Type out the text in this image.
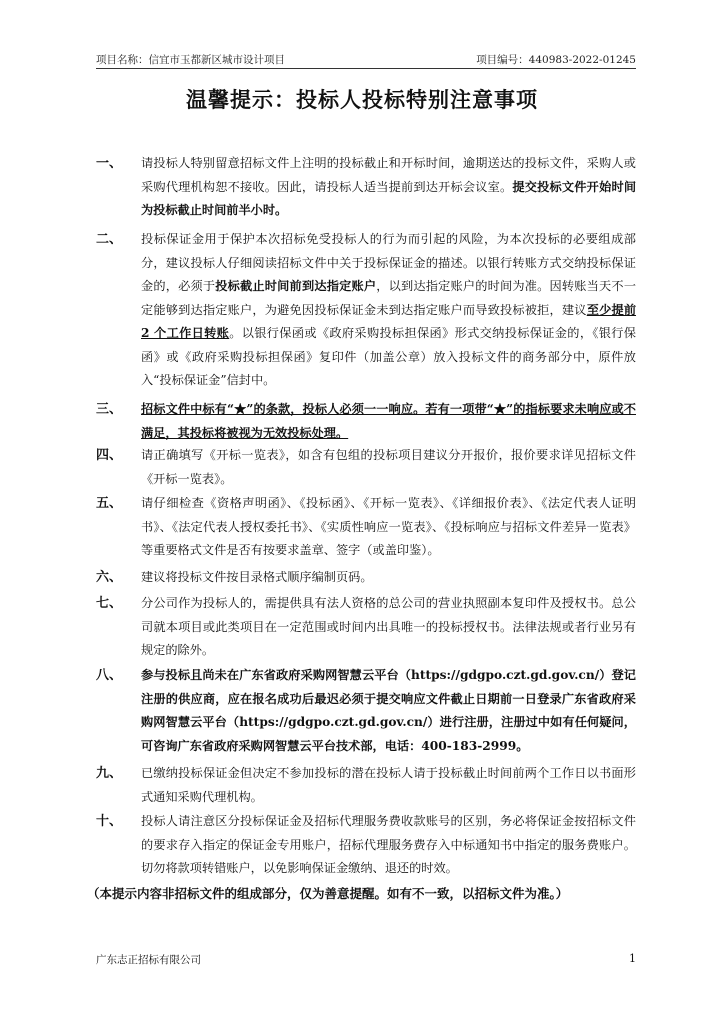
项目名称：信宜市玉都新区城市设计项目	项目编号：440983-2022-01245
温馨提示：投标人投标特别注意事项
一、 请投标人特别留意招标文件上注明的投标截止和开标时间，逾期送达的投标文件，采购人或采购代理机构恕不接收。因此，请投标人适当提前到达开标会议室。提交投标文件开始时间为投标截止时间前半小时。
二、 投标保证金用于保护本次招标免受投标人的行为而引起的风险，为本次投标的必要组成部分，建议投标人仔细阅读招标文件中关于投标保证金的描述。以银行转账方式交纳投标保证金的，必须于投标截止时间前到达指定账户，以到达指定账户的时间为准。因转账当天不一定能够到达指定账户，为避免因投标保证金未到达指定账户而导致投标被拒，建议至少提前 2 个工作日转账。以银行保函或《政府采购投标担保函》形式交纳投标保证金的，《银行保函》或《政府采购投标担保函》复印件（加盖公章）放入投标文件的商务部分中，原件放入“投标保证金”信封中。
三、 招标文件中标有“★”的条款，投标人必须一一响应。若有一项带“★”的指标要求未响应或不满足，其投标将被视为无效投标处理。
四、 请正确填写《开标一览表》，如含有包组的投标项目建议分开报价，报价要求详见招标文件《开标一览表》。
五、 请仔细检查《资格声明函》、《投标函》、《开标一览表》、《详细报价表》、《法定代表人证明书》、《法定代表人授权委托书》、《实质性响应一览表》、《投标响应与招标文件差异一览表》等重要格式文件是否有按要求盖章、签字（或盖印鉴）。
六、 建议将投标文件按目录格式顺序编制页码。
七、 分公司作为投标人的，需提供具有法人资格的总公司的营业执照副本复印件及授权书。总公司就本项目或此类项目在一定范围或时间内出具唯一的投标授权书。法律法规或者行业另有规定的除外。
八、 参与投标且尚未在广东省政府采购网智慧云平台（https://gdgpo.czt.gd.gov.cn/）登记注册的供应商，应在报名成功后最迟必须于提交响应文件截止日期前一日登录广东省政府采购网智慧云平台（https://gdgpo.czt.gd.gov.cn/）进行注册，注册过中如有任何疑问，可咨询广东省政府采购网智慧云平台技术部，电话：400-183-2999。
九、 已缴纳投标保证金但决定不参加投标的潜在投标人请于投标截止时间前两个工作日以书面形式通知采购代理机构。
十、 投标人请注意区分投标保证金及招标代理服务费收款账号的区别，务必将保证金按招标文件的要求存入指定的保证金专用账户，招标代理服务费存入中标通知书中指定的服务费账户。切勿将款项转错账户，以免影响保证金缴纳、退还的时效。
（本提示内容非招标文件的组成部分，仅为善意提醒。如有不一致，以招标文件为准。）
广东志正招标有限公司	1
